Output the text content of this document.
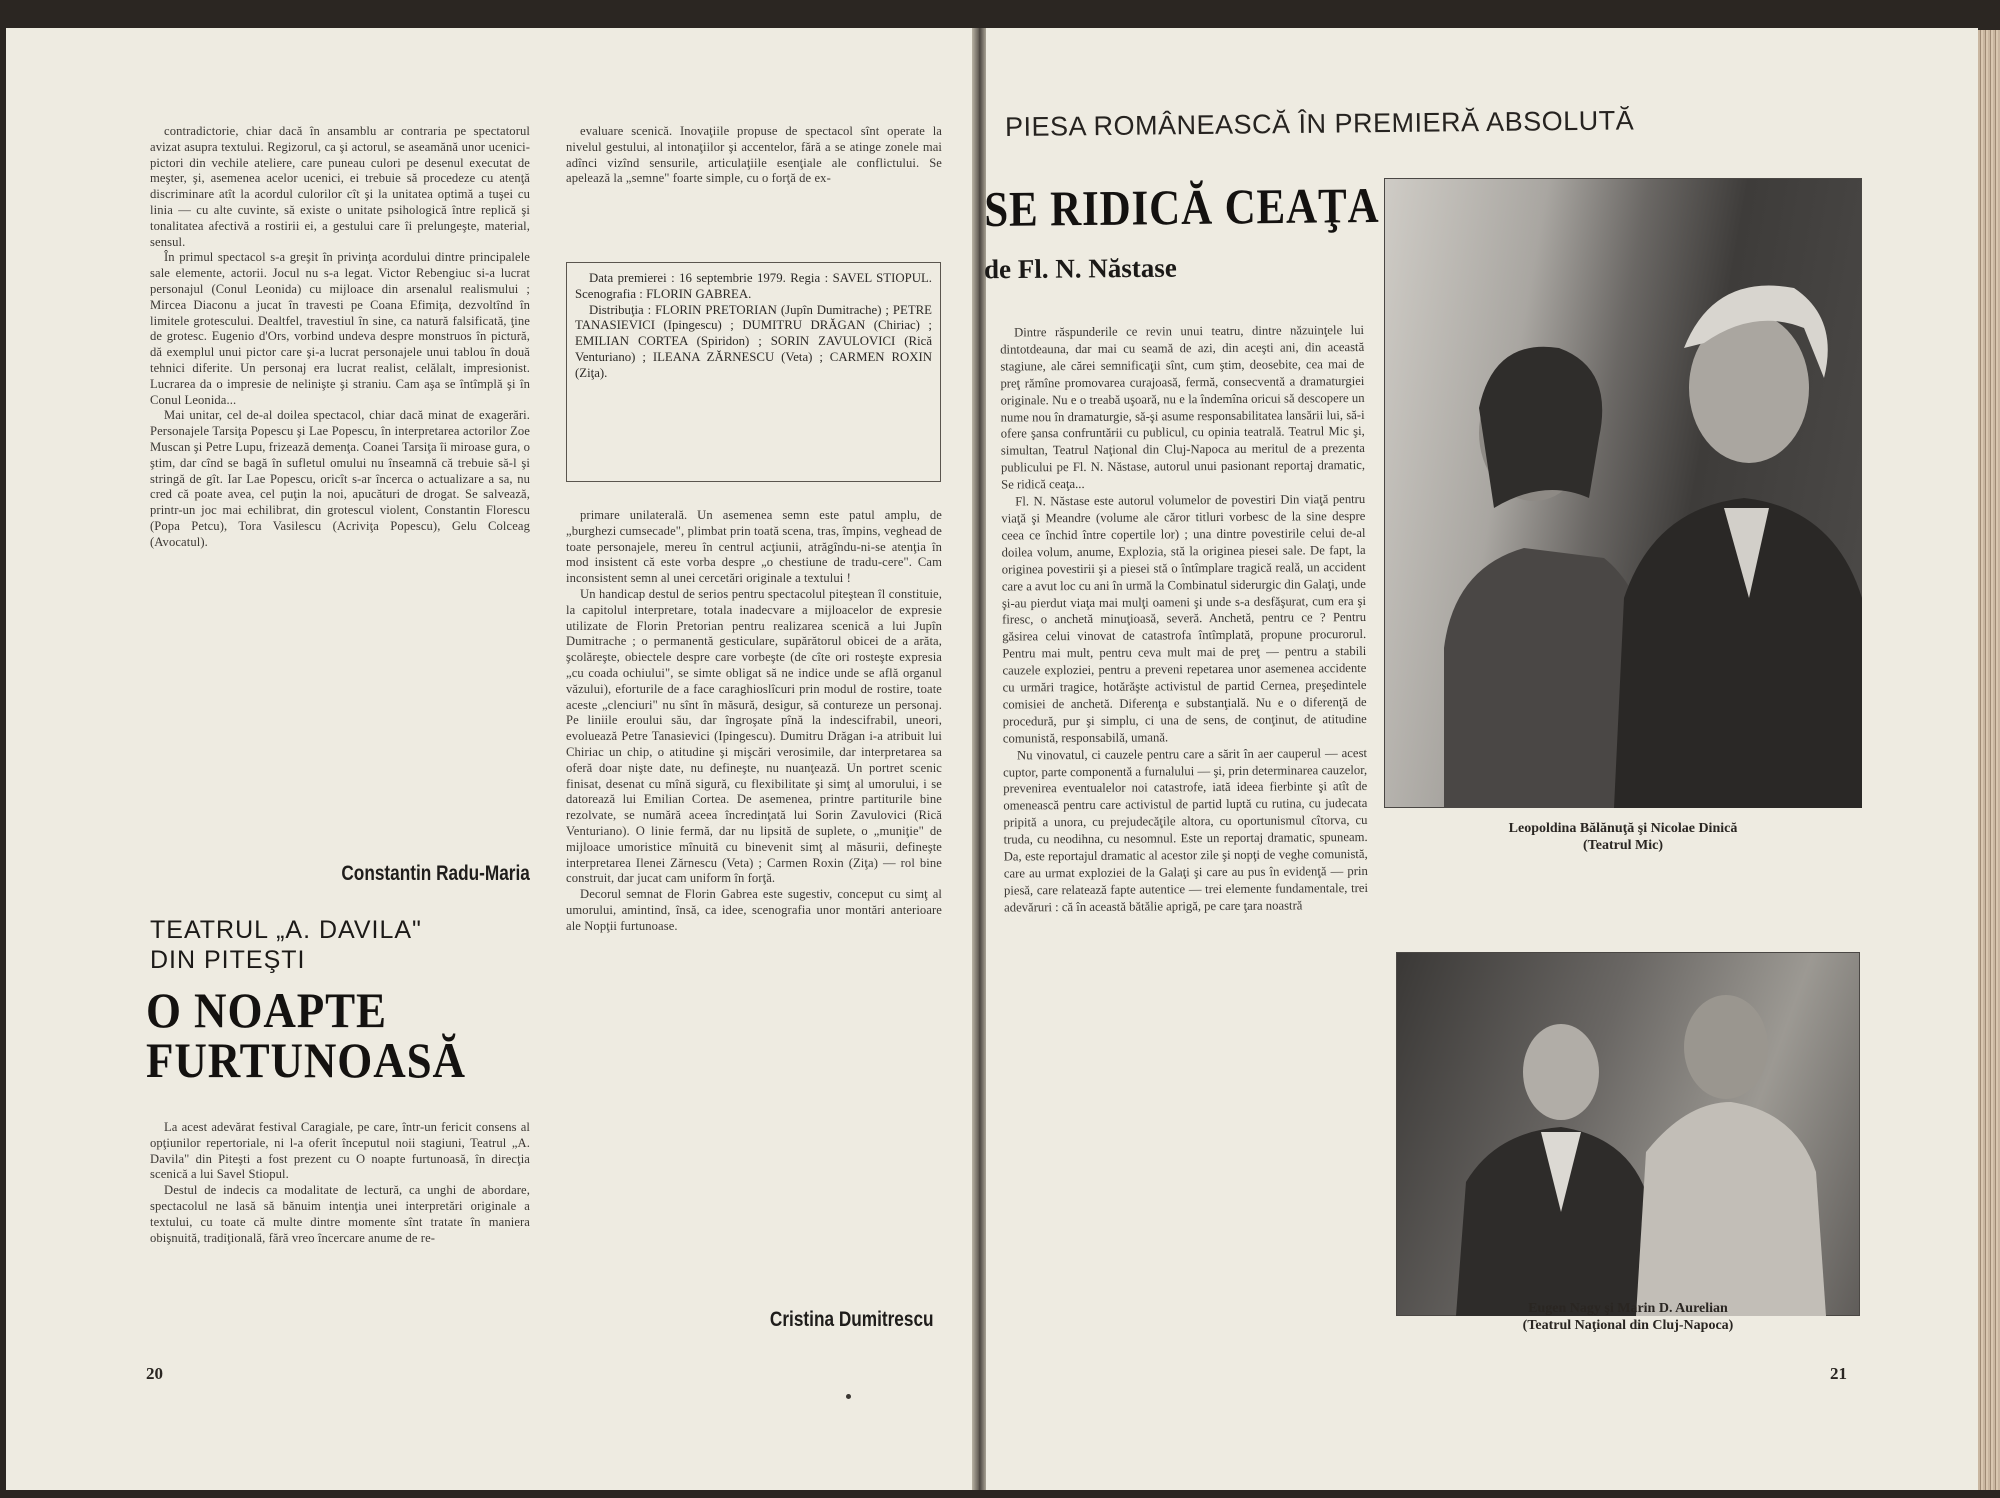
contradictorie, chiar dacă în ansamblu ar contraria pe spectatorul avizat asupra textului. Regizorul, ca şi actorul, se aseamănă unor ucenici-pictori din vechile ateliere, care puneau culori pe desenul executat de meşter, şi, asemenea acelor ucenici, ei trebuie să procedeze cu atenţă discriminare atît la acordul culorilor cît şi la unitatea optimă a tuşei cu linia — cu alte cuvinte, să existe o unitate psihologică între replică şi tonalitatea afectivă a rostirii ei, a gestului care îi prelungeşte, material, sensul.

În primul spectacol s-a greşit în privinţa acordului dintre principalele sale elemente, actorii. Jocul nu s-a legat. Victor Rebengiuc si-a lucrat personajul (Conul Leonida) cu mijloace din arsenalul realismului ; Mircea Diaconu a jucat în travesti pe Coana Efimiţa, dezvoltînd în limitele grotescului. Dealtfel, travestiul în sine, ca natură falsificată, ţine de grotesc. Eugenio d'Ors, vorbind undeva despre monstruos în pictură, dă exemplul unui pictor care şi-a lucrat personajele unui tablou în două tehnici diferite. Un personaj era lucrat realist, celălalt, impresionist. Lucrarea da o impresie de nelinişte şi straniu. Cam aşa se întîmplă şi în Conul Leonida...

Mai unitar, cel de-al doilea spectacol, chiar dacă minat de exagerări. Personajele Tarsiţa Popescu şi Lae Popescu, în interpretarea actorilor Zoe Muscan şi Petre Lupu, frizează demenţa. Coanei Tarsiţa îi miroase gura, o ştim, dar cînd se bagă în sufletul omului nu înseamnă că trebuie să-l şi stringă de gît. Iar Lae Popescu, oricît s-ar încerca o actualizare a sa, nu cred că poate avea, cel puţin la noi, apucături de drogat. Se salvează, printr-un joc mai echilibrat, din grotescul violent, Constantin Florescu (Popa Petcu), Tora Vasilescu (Acriviţa Popescu), Gelu Colceag (Avocatul).

Constantin Radu-Maria
TEATRUL „A. DAVILA"
DIN PITEŞTI
O NOAPTE
FURTUNOASĂ

La acest adevărat festival Caragiale, pe care, într-un fericit consens al opţiunilor repertoriale, ni l-a oferit începutul noii stagiuni, Teatrul „A. Davila" din Piteşti a fost prezent cu O noapte furtunoasă, în direcţia scenică a lui Savel Stiopul.

Destul de indecis ca modalitate de lectură, ca unghi de abordare, spectacolul ne lasă să bănuim intenţia unei interpretări originale a textului, cu toate că multe dintre momente sînt tratate în maniera obişnuită, tradiţională, fără vreo încercare anume de re-

evaluare scenică. Inovaţiile propuse de spectacol sînt operate la nivelul gestului, al intonaţiilor şi accentelor, fără a se atinge zonele mai adînci vizînd sensurile, articulaţiile esenţiale ale conflictului. Se apelează la „semne" foarte simple, cu o forţă de ex-

Data premierei : 16 septembrie 1979. Regia : SAVEL STIOPUL. Scenografia : FLORIN GABREA.

Distribuţia : FLORIN PRETORIAN (Jupîn Dumitrache) ; PETRE TANASIEVICI (Ipingescu) ; DUMITRU DRĂGAN (Chiriac) ; EMILIAN CORTEA (Spiridon) ; SORIN ZAVULOVICI (Rică Venturiano) ; ILEANA ZĂRNESCU (Veta) ; CARMEN ROXIN (Ziţa).

primare unilaterală. Un asemenea semn este patul amplu, de „burghezi cumsecade", plimbat prin toată scena, tras, împins, veghead de toate personajele, mereu în centrul acţiunii, atrăgîndu-ni-se atenţia în mod insistent că este vorba despre „o chestiune de tradu-cere". Cam inconsistent semn al unei cercetări originale a textului !

Un handicap destul de serios pentru spectacolul piteştean îl constituie, la capitolul interpretare, totala inadecvare a mijloacelor de expresie utilizate de Florin Pretorian pentru realizarea scenică a lui Jupîn Dumitrache ; o permanentă gesticulare, supărătorul obicei de a arăta, şcolăreşte, obiectele despre care vorbeşte (de cîte ori rosteşte expresia „cu coada ochiului", se simte obligat să ne indice unde se află organul văzului), eforturile de a face caraghioslîcuri prin modul de rostire, toate aceste „clenciuri" nu sînt în măsură, desigur, să contureze un personaj. Pe liniile eroului său, dar îngroşate pînă la indescifrabil, uneori, evoluează Petre Tanasievici (Ipingescu). Dumitru Drăgan i-a atribuit lui Chiriac un chip, o atitudine şi mişcări verosimile, dar interpretarea sa oferă doar nişte date, nu defineşte, nu nuanţează. Un portret scenic finisat, desenat cu mînă sigură, cu flexibilitate şi simţ al umorului, i se datorează lui Emilian Cortea. De asemenea, printre partiturile bine rezolvate, se numără aceea încredinţată lui Sorin Zavulovici (Rică Venturiano). O linie fermă, dar nu lipsită de suplete, o „muniţie" de mijloace umoristice mînuită cu binevenit simţ al măsurii, defineşte interpretarea Ilenei Zărnescu (Veta) ; Carmen Roxin (Ziţa) — rol bine construit, dar jucat cam uniform în forţă.

Decorul semnat de Florin Gabrea este sugestiv, conceput cu simţ al umorului, amintind, însă, ca idee, scenografia unor montări anterioare ale Nopţii furtunoase.

Cristina Dumitrescu
20
PIESA ROMÂNEASCĂ ÎN PREMIERĂ ABSOLUTĂ
SE RIDICĂ CEAŢA
de Fl. N. Năstase

Dintre răspunderile ce revin unui teatru, dintre năzuinţele lui dintotdeauna, dar mai cu seamă de azi, din aceşti ani, din această stagiune, ale cărei semnificaţii sînt, cum ştim, deosebite, cea mai de preţ rămîne promovarea curajoasă, fermă, consecventă a dramaturgiei originale. Nu e o treabă uşoară, nu e la îndemîna oricui să descopere un nume nou în dramaturgie, să-şi asume responsabilitatea lansării lui, să-i ofere şansa confruntării cu publicul, cu opinia teatrală. Teatrul Mic şi, simultan, Teatrul Naţional din Cluj-Napoca au meritul de a prezenta publicului pe Fl. N. Năstase, autorul unui pasionant reportaj dramatic, Se ridică ceaţa...

Fl. N. Năstase este autorul volumelor de povestiri Din viaţă pentru viaţă şi Meandre (volume ale căror titluri vorbesc de la sine despre ceea ce închid între copertile lor) ; una dintre povestirile celui de-al doilea volum, anume, Explozia, stă la originea piesei sale. De fapt, la originea povestirii şi a piesei stă o întîmplare tragică reală, un accident care a avut loc cu ani în urmă la Combinatul siderurgic din Galaţi, unde şi-au pierdut viaţa mai mulţi oameni şi unde s-a desfăşurat, cum era şi firesc, o anchetă minuţioasă, severă. Anchetă, pentru ce ? Pentru găsirea celui vinovat de catastrofa întîmplată, propune procurorul. Pentru mai mult, pentru ceva mult mai de preţ — pentru a stabili cauzele exploziei, pentru a preveni repetarea unor asemenea accidente cu urmări tragice, hotărăşte activistul de partid Cernea, preşedintele comisiei de anchetă. Diferenţa e substanţială. Nu e o diferenţă de procedură, pur şi simplu, ci una de sens, de conţinut, de atitudine comunistă, responsabilă, umană.

Nu vinovatul, ci cauzele pentru care a sărit în aer cauperul — acest cuptor, parte componentă a furnalului — şi, prin determinarea cauzelor, prevenirea eventualelor noi catastrofe, iată ideea fierbinte şi atît de omenească pentru care activistul de partid luptă cu rutina, cu judecata pripită a unora, cu prejudecăţile altora, cu oportunismul cîtorva, cu truda, cu neodihna, cu nesomnul. Este un reportaj dramatic, spuneam. Da, este reportajul dramatic al acestor zile şi nopţi de veghe comunistă, care au urmat exploziei de la Galaţi şi care au pus în evidenţă — prin piesă, care relatează fapte autentice — trei elemente fundamentale, trei adevăruri : că în această bătălie aprigă, pe care ţara noastră

Leopoldina Bălănuţă şi Nicolae Dinică
(Teatrul Mic)
Eugen Nagy şi Marin D. Aurelian
(Teatrul Naţional din Cluj-Napoca)
21
